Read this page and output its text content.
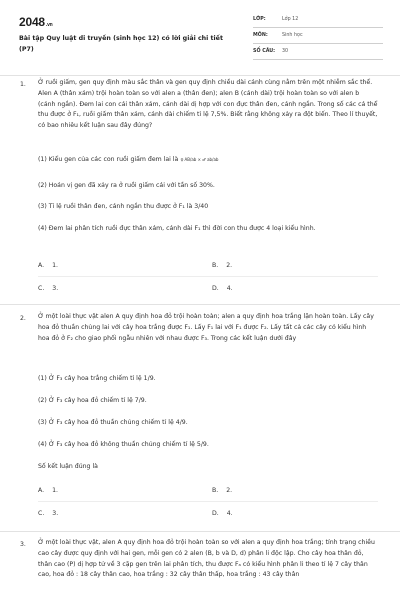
2048.vn
Bài tập Quy luật di truyền (sinh học 12) có lời giải chi tiết (P7)
LỚP:	Lớp 12
MÔN:	Sinh học
SỐ CÂU:	30
1. Ở ruồi giấm, gen quy định màu sắc thân và gen quy định chiều dài cánh cùng nằm trên một nhiễm sắc thể. Alen A (thân xám) trội hoàn toàn so với alen a (thân đen); alen B (cánh dài) trội hoàn toàn so với alen b (cánh ngắn). Đem lai con cái thân xám, cánh dài dị hợp với con đực thân đen, cánh ngắn. Trong số các cá thể thu được ở F₁, ruồi giấm thân xám, cánh dài chiếm tỉ lệ 7,5%. Biết rằng không xảy ra đột biến. Theo lí thuyết, có bao nhiêu kết luận sau đây đúng?
(1) Kiểu gen của các con ruồi giấm đem lai là ♀ AB/ab × ♂ ab/ab
(2) Hoán vị gen đã xảy ra ở ruồi giấm cái với tần số 30%.
(3) Tỉ lệ ruồi thân đen, cánh ngắn thu được ở F₁ là 3/40
(4) Đem lai phân tích ruồi đực thân xám, cánh dài F₁ thì đời con thu được 4 loại kiểu hình.
A. 1.	B. 2.
C. 3.	D. 4.
2. Ở một loài thực vật alen A quy định hoa đỏ trội hoàn toàn; alen a quy định hoa trắng lặn hoàn toàn. Lấy cây hoa đỏ thuần chủng lai với cây hoa trắng được F₁. Lấy F₁ lai với F₁ được F₂. Lấy tất cả các cây có kiểu hình hoa đỏ ở F₂ cho giao phối ngẫu nhiên với nhau được F₃. Trong các kết luận dưới đây
(1) Ở F₃ cây hoa trắng chiếm tỉ lệ 1/9.
(2) Ở F₃ cây hoa đỏ chiếm tỉ lệ 7/9.
(3) Ở F₃ cây hoa đỏ thuần chủng chiếm tỉ lệ 4/9.
(4) Ở F₃ cây hoa đỏ không thuần chủng chiếm tỉ lệ 5/9.
Số kết luận đúng là
A. 1.	B. 2.
C. 3.	D. 4.
3. Ở một loài thực vật, alen A quy định hoa đỏ trội hoàn toàn so với alen a quy định hoa trắng; tính trạng chiều cao cây được quy định với hai gen, mỗi gen có 2 alen (B, b và D, d) phân li độc lập. Cho cây hoa thân đỏ, thân cao (P) dị hợp tử về 3 cặp gen trên lai phân tích, thu được Fₐ có kiểu hình phân li theo tỉ lệ 7 cây thân cao, hoa đỏ : 18 cây thân cao, hoa trắng : 32 cây thân thấp, hoa trắng : 43 cây thân
